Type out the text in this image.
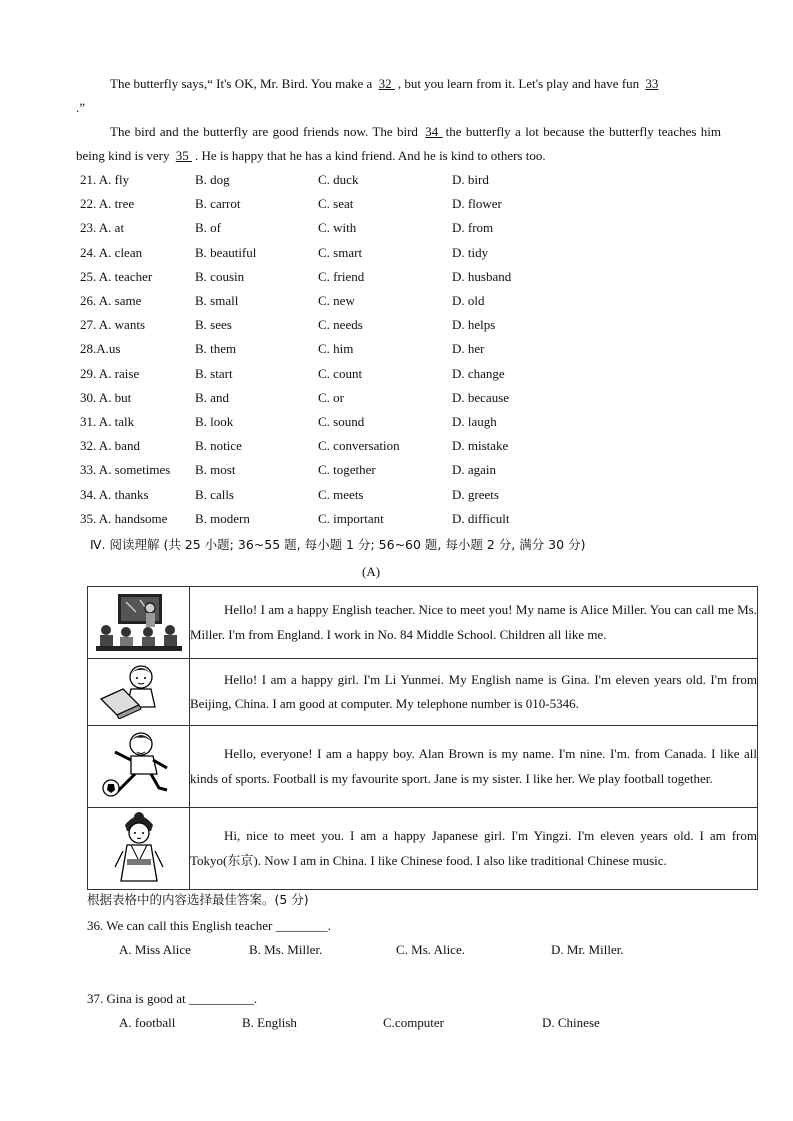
The butterfly says,“ It's OK, Mr. Bird. You make a 32 , but you learn from it. Let's play and have fun 33
.”
The bird and the butterfly are good friends now. The bird 34 the butterfly a lot because the butterfly teaches him being kind is very 35 . He is happy that he has a kind friend. And he is kind to others too.
21. A. fly	B. dog	C. duck	D. bird
22. A. tree	B. carrot	C. seat	D. flower
23. A. at	B. of	C. with	D. from
24. A. clean	B. beautiful	C. smart	D. tidy
25. A. teacher	B. cousin	C. friend	D. husband
26. A. same	B. small	C. new	D. old
27. A. wants	B. sees	C. needs	D. helps
28.A.us	B. them	C. him	D. her
29. A. raise	B. start	C. count	D. change
30. A. but	B. and	C. or	D. because
31. A. talk	B. look	C. sound	D. laugh
32. A. band	B. notice	C. conversation	D. mistake
33. A. sometimes B. most	C. together	D. again
34. A. thanks	B. calls	C. meets	D. greets
35. A. handsome B. modern	C. important	D. difficult
Ⅳ. 阅读理解 (共 25 小题; 36~55 题, 每小题 1 分; 56~60 题, 每小题 2 分, 满分 30 分)
(A)

Hello! I am a happy English teacher. Nice to meet you! My name is Alice Miller. You can call me Ms. Miller. I'm from England. I work in No. 84 Middle School. Children all like me.

Hello! I am a happy girl. I'm Li Yunmei. My English name is Gina. I'm eleven years old. I'm from Beijing, China. I am good at computer. My telephone number is 010-5346.

Hello, everyone! I am a happy boy. Alan Brown is my name. I'm nine. I'm. from Canada. I like all kinds of sports. Football is my favourite sport. Jane is my sister. I like her. We play football together.

Hi, nice to meet you. I am a happy Japanese girl. I'm Yingzi. I'm eleven years old. I am from Tokyo(东京). Now I am in China. I like Chinese food. I also like traditional Chinese music.

根据表格中的内容选择最佳答案。(5 分)
36. We can call this English teacher ________.
A. Miss Alice	B. Ms. Miller.	C. Ms. Alice.	D. Mr. Miller.
37. Gina is good at __________.
A. football	B. English	C.computer	D. Chinese
